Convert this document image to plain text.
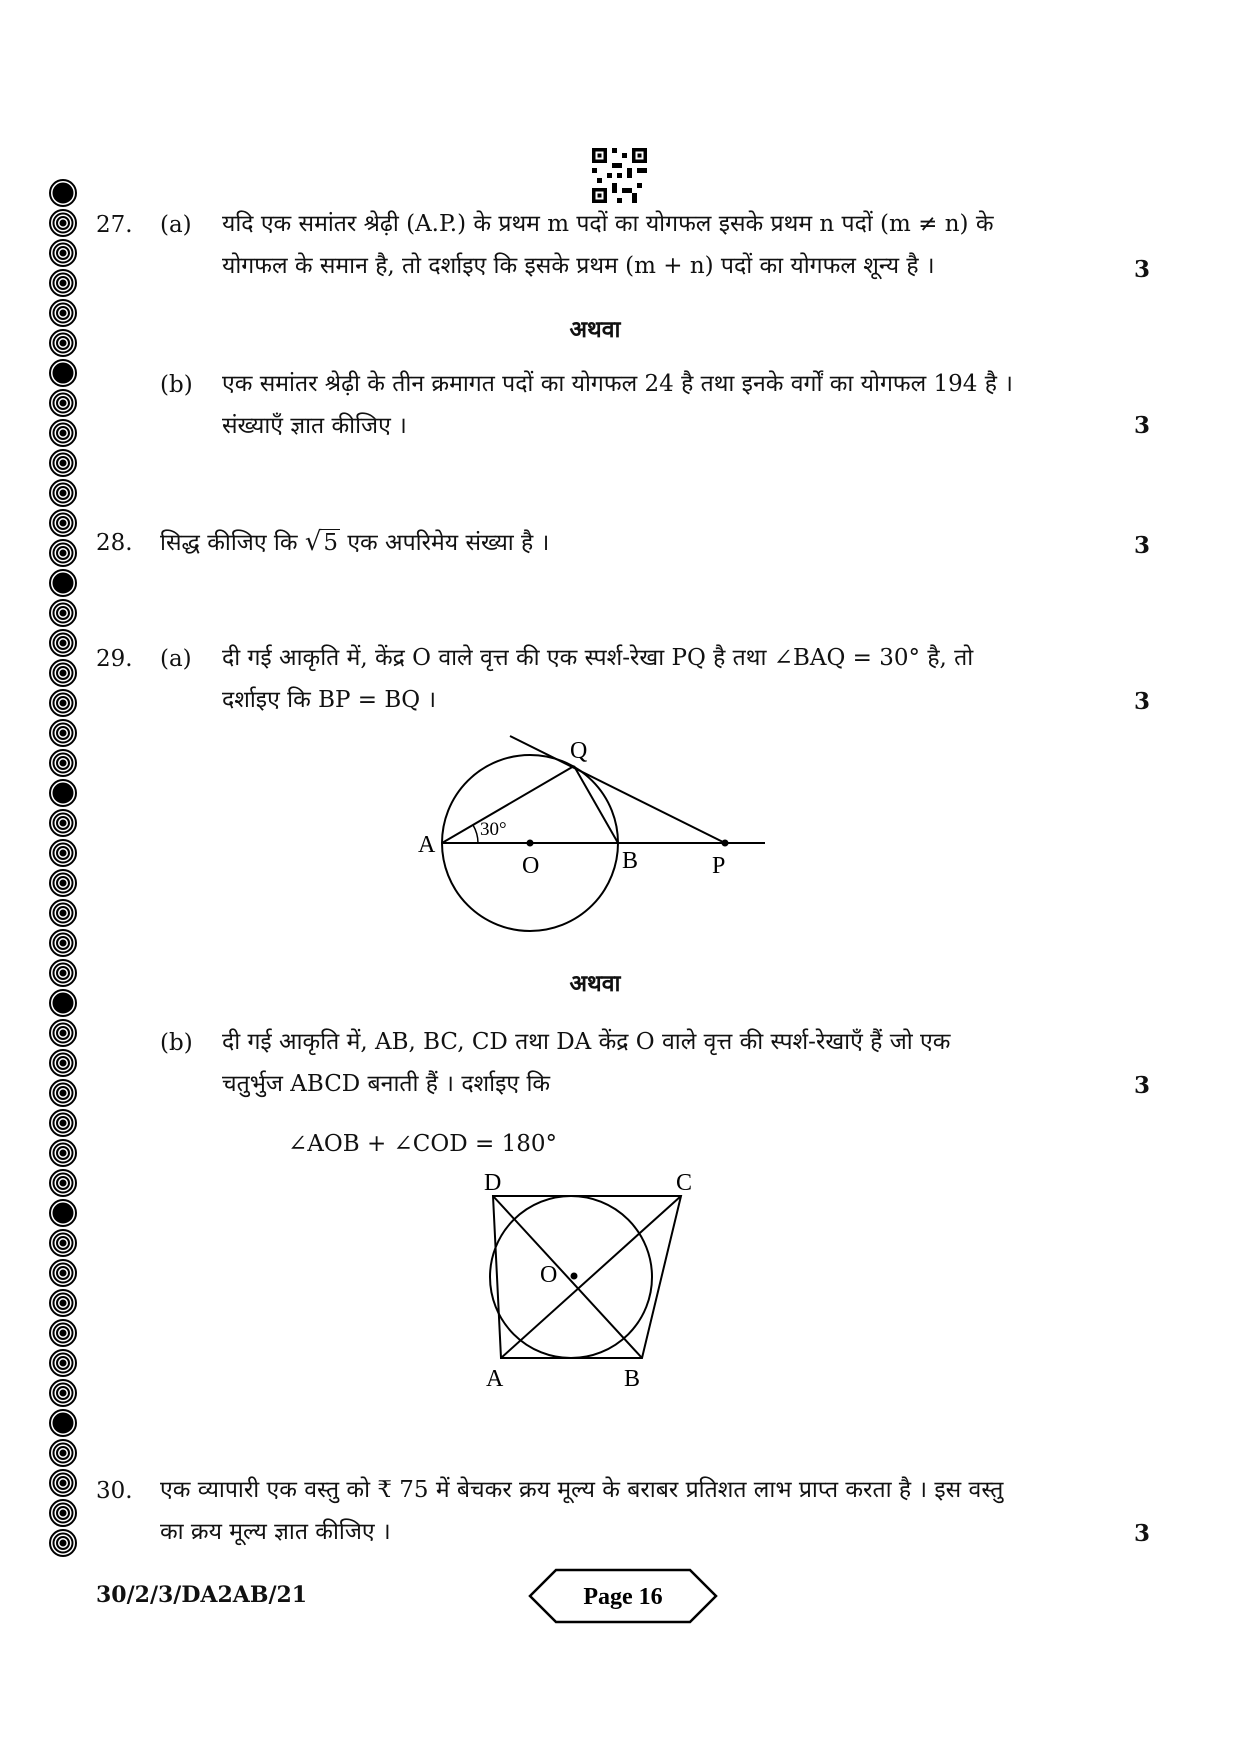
27. (a) यदि एक समांतर श्रेढ़ी (A.P.) के प्रथम m पदों का योगफल इसके प्रथम n पदों (m ≠ n) के
योगफल के समान है, तो दर्शाइए कि इसके प्रथम (m + n) पदों का योगफल शून्य है ।	3
अथवा
(b) एक समांतर श्रेढ़ी के तीन क्रमागत पदों का योगफल 24 है तथा इनके वर्गों का योगफल 194 है ।
संख्याएँ ज्ञात कीजिए ।	3
28. सिद्ध कीजिए कि √5 एक अपरिमेय संख्या है ।	3
29. (a) दी गई आकृति में, केंद्र O वाले वृत्त की एक स्पर्श-रेखा PQ है तथा ∠BAQ = 30° है, तो
दर्शाइए कि BP = BQ ।	3
A
O	B	P
Q
30°
अथवा
(b) दी गई आकृति में, AB, BC, CD तथा DA केंद्र O वाले वृत्त की स्पर्श-रेखाएँ हैं जो एक
चतुर्भुज ABCD बनाती हैं । दर्शाइए कि	3
∠AOB + ∠COD = 180°
D	C
O
A	B
30. एक व्यापारी एक वस्तु को ₹ 75 में बेचकर क्रय मूल्य के बराबर प्रतिशत लाभ प्राप्त करता है । इस वस्तु
का क्रय मूल्य ज्ञात कीजिए ।	3
30/2/3/DA2AB/21	Page 16
